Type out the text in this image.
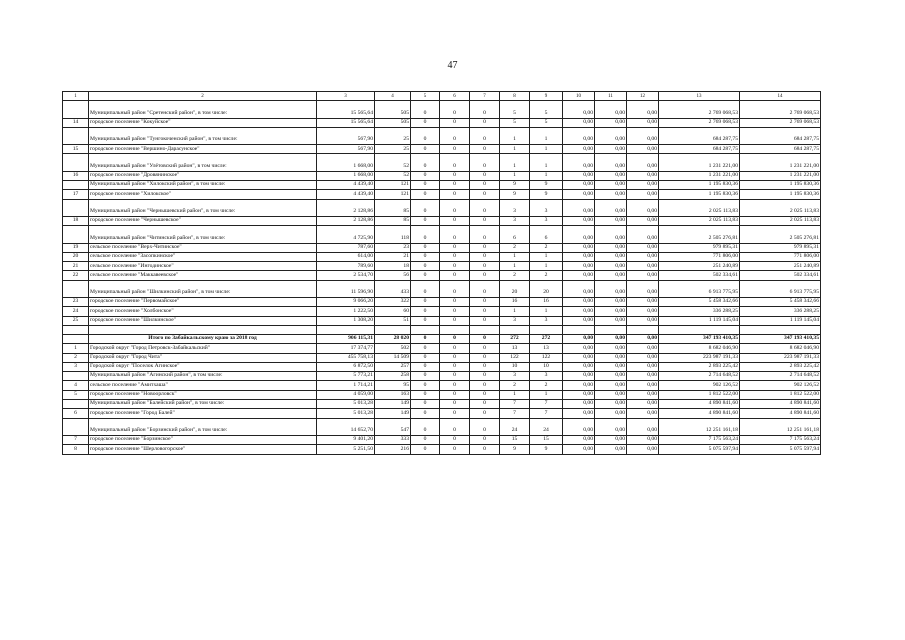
47
1	2	3	4	5	6	7	8	9	10	11	12	13	14

	Муниципальный район "Сретенский район", в том числе:	15 565,64	505	0	0	0	5	5	0,00	0,00	0,00	2 769 068,53	2 769 068,53
14	городское поселение "Кокуйское"	15 565,64	505	0	0	0	5	5	0,00	0,00	0,00	2 769 068,53	2 769 068,53

	Муниципальный район "Тунгокоченский район", в том числе:	567,90	25	0	0	0	1	1	0,00	0,00	0,00	684 287,75	684 287,75
15	городское поселение "Вершино-Дарасунское"	567,90	25	0	0	0	1	1	0,00	0,00	0,00	684 287,75	684 287,75

	Муниципальный район "Улётовский район", в том числе:	1 668,00	52	0	0	0	1	1	0,00	0,00	0,00	1 231 221,00	1 231 221,00
16	городское поселение "Дровянинское"	1 668,00	52	0	0	0	1	1	0,00	0,00	0,00	1 231 221,00	1 231 221,00
	Муниципальный район "Хилокский район", в том числе:	4 439,40	121	0	0	0	9	9	0,00	0,00	0,00	1 195 830,36	1 195 830,36
17	городское поселение "Хилокское"	4 439,40	121	0	0	0	9	9	0,00	0,00	0,00	1 195 830,36	1 195 830,36

	Муниципальный район "Чернышевский район", в том числе:	2 128,86	85	0	0	0	3	3	0,00	0,00	0,00	2 025 113,83	2 025 113,83
18	городское поселение "Чернышевское"	2 128,86	85	0	0	0	3	3	0,00	0,00	0,00	2 025 113,83	2 025 113,83

	Муниципальный район "Читинский район", в том числе:	4 725,90	118	0	0	0	6	6	0,00	0,00	0,00	2 505 276,81	2 505 276,81
19	сельское поселение "Верх-Читинское"	787,60	23	0	0	0	2	2	0,00	0,00	0,00	979 895,31	979 895,31
20	сельское поселение "Засопкинское"	614,00	21	0	0	0	1	1	0,00	0,00	0,00	771 806,00	771 806,00
21	сельское поселение "Ингодинское"	789,60	18	0	0	0	1	1	0,00	0,00	0,00	251 240,89	251 240,89
22	сельское поселение "Маккавеевское"	2 534,70	56	0	0	0	2	2	0,00	0,00	0,00	502 334,61	502 334,61

	Муниципальный район "Шилкинский район", в том числе:	11 596,90	433	0	0	0	20	20	0,00	0,00	0,00	6 913 775,95	6 913 775,95
23	городское поселение "Первомайское"	9 066,20	322	0	0	0	16	16	0,00	0,00	0,00	5 458 342,66	5 458 342,66
24	городское поселение "Холбонское"	1 222,50	60	0	0	0	1	1	0,00	0,00	0,00	336 288,25	336 288,25
25	городское поселение "Шилкинское"	1 308,20	51	0	0	0	3	3	0,00	0,00	0,00	1 119 145,04	1 119 145,04

	Итого по Забайкальскому краю за 2018 год	906 115,31	28 020	0	0	0	272	272	0,00	0,00	0,00	347 193 410,35	347 193 410,35
1	Городской округ "Город Петровск-Забайкальский"	17 374,77	502	0	0	0	13	13	0,00	0,00	0,00	8 682 046,90	8 682 046,90
2	Городской округ "Город Чита"	455 758,13	14 509	0	0	0	122	122	0,00	0,00	0,00	223 987 191,33	223 987 191,33
3	Городской округ "Поселок Агинское"	6 872,50	257	0	0	0	10	10	0,00	0,00	0,00	2 893 225,42	2 893 225,42
	Муниципальный район "Агинский район", в том числе:	5 773,21	258	0	0	0	3	3	0,00	0,00	0,00	2 714 648,52	2 714 648,52
4	сельское поселение "Амитхаша"	1 714,21	95	0	0	0	2	2	0,00	0,00	0,00	902 126,52	902 126,52
5	городское поселение "Новоорловск"	4 059,00	163	0	0	0	1	1	0,00	0,00	0,00	1 812 522,00	1 812 522,00
	Муниципальный район "Балейский район", в том числе:	5 013,28	149	0	0	0	7	7	0,00	0,00	0,00	4 890 841,60	4 890 841,60
6	городское поселение "Город Балей"	5 013,28	149	0	0	0	7	7	0,00	0,00	0,00	4 890 841,60	4 890 841,60

	Муниципальный район "Борзинский район", в том числе:	14 652,70	547	0	0	0	24	24	0,00	0,00	0,00	12 251 161,18	12 251 161,18
7	городское поселение "Борзинское"	9 401,20	333	0	0	0	15	15	0,00	0,00	0,00	7 175 563,24	7 175 563,24
8	городское поселение "Шерловогорское"	5 251,50	216	0	0	0	9	9	0,00	0,00	0,00	5 075 597,94	5 075 597,94
